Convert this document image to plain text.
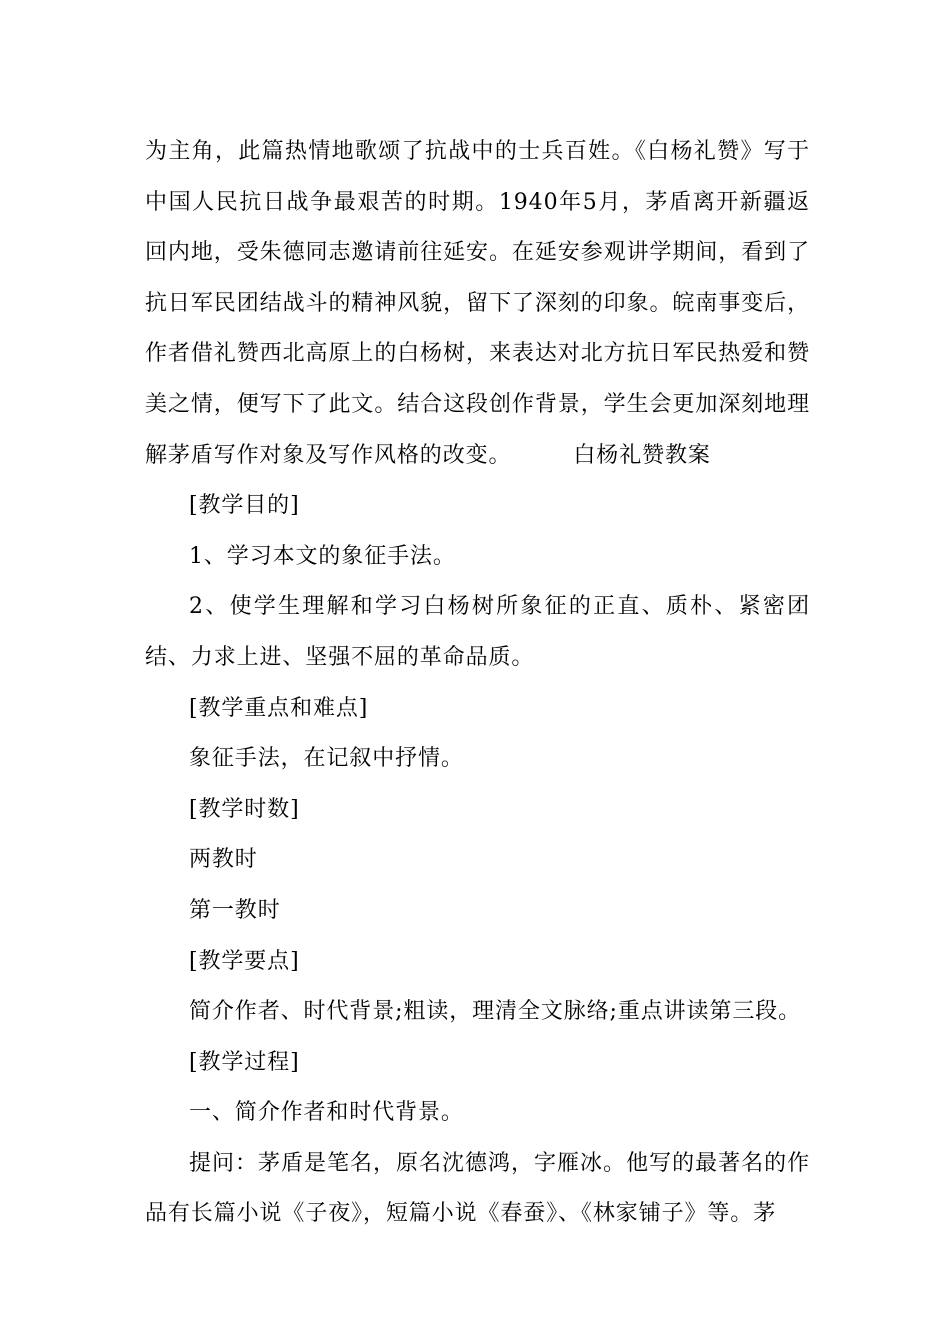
为主角，此篇热情地歌颂了抗战中的士兵百姓。《白杨礼赞》写于中国人民抗日战争最艰苦的时期。1940年5月，茅盾离开新疆返回内地，受朱德同志邀请前往延安。在延安参观讲学期间，看到了抗日军民团结战斗的精神风貌，留下了深刻的印象。皖南事变后，作者借礼赞西北高原上的白杨树，来表达对北方抗日军民热爱和赞美之情，便写下了此文。结合这段创作背景，学生会更加深刻地理解茅盾写作对象及写作风格的改变。	白杨礼赞教案

[教学目的]

1、学习本文的象征手法。

2、使学生理解和学习白杨树所象征的正直、质朴、紧密团结、力求上进、坚强不屈的革命品质。

[教学重点和难点]

象征手法，在记叙中抒情。

[教学时数]

两教时

第一教时

[教学要点]

简介作者、时代背景;粗读，理清全文脉络;重点讲读第三段。

[教学过程]

一、简介作者和时代背景。

提问：茅盾是笔名，原名沈德鸿，字雁冰。他写的最著名的作品有长篇小说《子夜》，短篇小说《春蚕》、《林家铺子》等。茅
